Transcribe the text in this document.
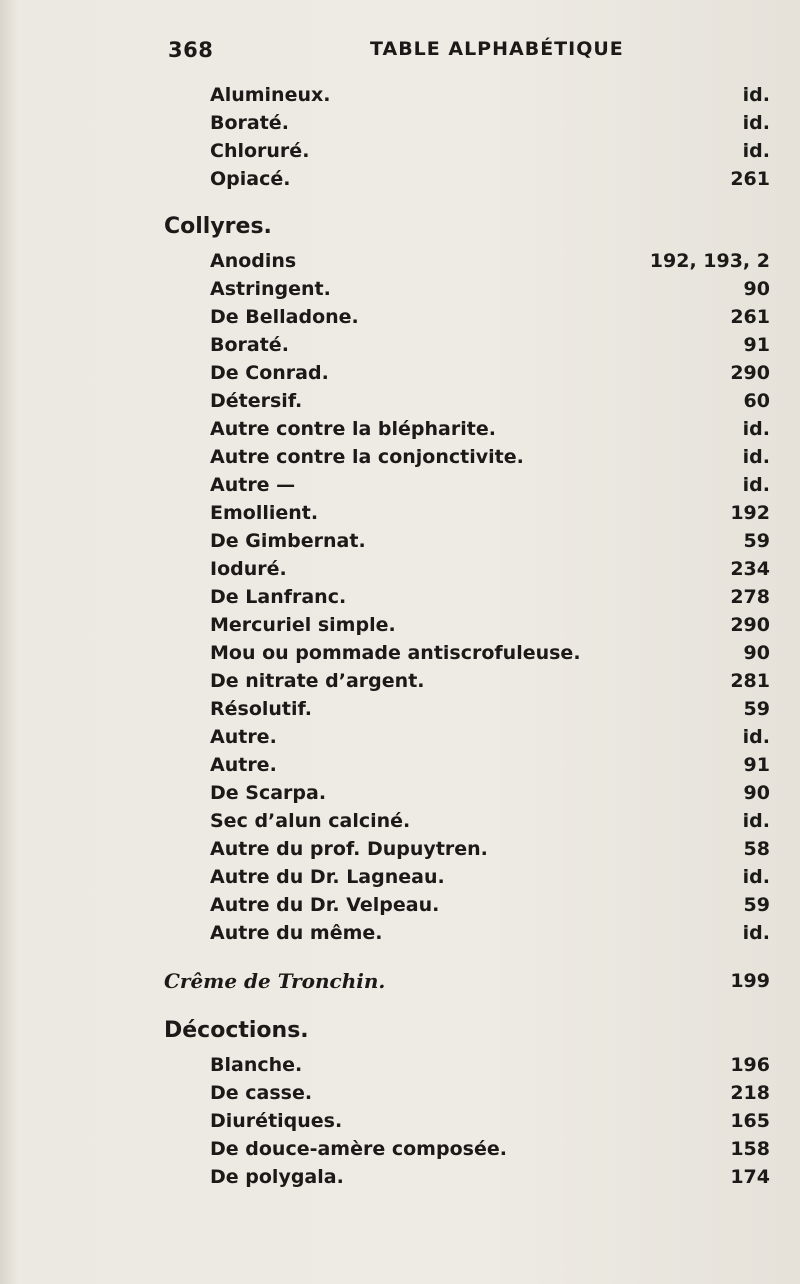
368	TABLE ALPHABÉTIQUE
Alumineux.	id.
Boraté.	id.
Chloruré.	id.
Opiacé.	261
Collyres.
Anodins	192, 193, 2
Astringent.	90
De Belladone.	261
Boraté.	91
De Conrad.	290
Détersif.	60
Autre contre la blépharite.	id.
Autre contre la conjonctivite.	id.
Autre —	id.
Emollient.	192
De Gimbernat.	59
Ioduré.	234
De Lanfranc.	278
Mercuriel simple.	290
Mou ou pommade antiscrofuleuse.	90
De nitrate d’argent.	281
Résolutif.	59
Autre.	id.
Autre.	91
De Scarpa.	90
Sec d’alun calciné.	id.
Autre du prof. Dupuytren.	58
Autre du Dr. Lagneau.	id.
Autre du Dr. Velpeau.	59
Autre du même.	id.
Crême de Tronchin.	199
Décoctions.
Blanche.	196
De casse.	218
Diurétiques.	165
De douce-amère composée.	158
De polygala.	174
